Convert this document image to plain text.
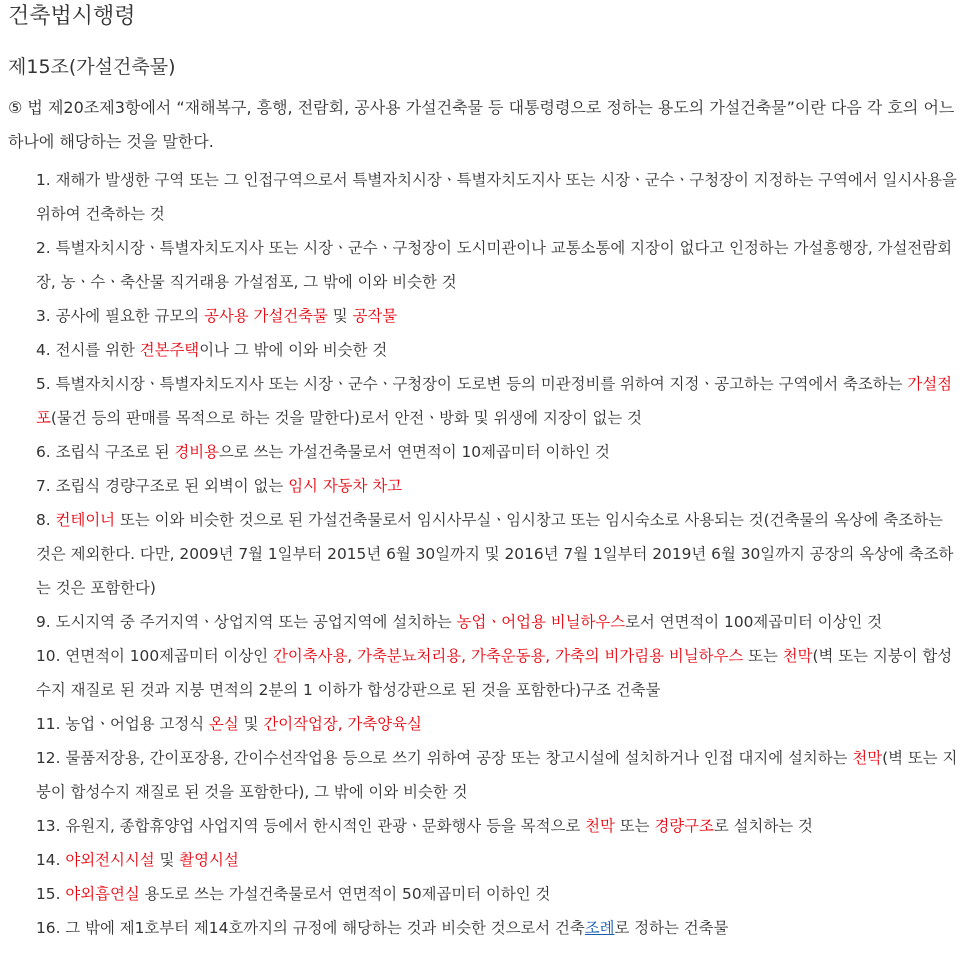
건축법시행령
제15조(가설건축물)

⑤ 법 제20조제3항에서 “재해복구, 흥행, 전람회, 공사용 가설건축물 등 대통령령으로 정하는 용도의 가설건축물”이란 다음 각 호의 어느 하나에 해당하는 것을 말한다.

1. 재해가 발생한 구역 또는 그 인접구역으로서 특별자치시장ㆍ특별자치도지사 또는 시장ㆍ군수ㆍ구청장이 지정하는 구역에서 일시사용을 위하여 건축하는 것
2. 특별자치시장ㆍ특별자치도지사 또는 시장ㆍ군수ㆍ구청장이 도시미관이나 교통소통에 지장이 없다고 인정하는 가설흥행장, 가설전람회장, 농ㆍ수ㆍ축산물 직거래용 가설점포, 그 밖에 이와 비슷한 것
3. 공사에 필요한 규모의 공사용 가설건축물 및 공작물
4. 전시를 위한 견본주택이나 그 밖에 이와 비슷한 것
5. 특별자치시장ㆍ특별자치도지사 또는 시장ㆍ군수ㆍ구청장이 도로변 등의 미관정비를 위하여 지정ㆍ공고하는 구역에서 축조하는 가설점포(물건 등의 판매를 목적으로 하는 것을 말한다)로서 안전ㆍ방화 및 위생에 지장이 없는 것
6. 조립식 구조로 된 경비용으로 쓰는 가설건축물로서 연면적이 10제곱미터 이하인 것
7. 조립식 경량구조로 된 외벽이 없는 임시 자동차 차고
8. 컨테이너 또는 이와 비슷한 것으로 된 가설건축물로서 임시사무실ㆍ임시창고 또는 임시숙소로 사용되는 것(건축물의 옥상에 축조하는 것은 제외한다. 다만, 2009년 7월 1일부터 2015년 6월 30일까지 및 2016년 7월 1일부터 2019년 6월 30일까지 공장의 옥상에 축조하는 것은 포함한다)
9. 도시지역 중 주거지역ㆍ상업지역 또는 공업지역에 설치하는 농업ㆍ어업용 비닐하우스로서 연면적이 100제곱미터 이상인 것
10. 연면적이 100제곱미터 이상인 간이축사용, 가축분뇨처리용, 가축운동용, 가축의 비가림용 비닐하우스 또는 천막(벽 또는 지붕이 합성수지 재질로 된 것과 지붕 면적의 2분의 1 이하가 합성강판으로 된 것을 포함한다)구조 건축물
11. 농업ㆍ어업용 고정식 온실 및 간이작업장, 가축양육실
12. 물품저장용, 간이포장용, 간이수선작업용 등으로 쓰기 위하여 공장 또는 창고시설에 설치하거나 인접 대지에 설치하는 천막(벽 또는 지붕이 합성수지 재질로 된 것을 포함한다), 그 밖에 이와 비슷한 것
13. 유원지, 종합휴양업 사업지역 등에서 한시적인 관광ㆍ문화행사 등을 목적으로 천막 또는 경량구조로 설치하는 것
14. 야외전시시설 및 촬영시설
15. 야외흡연실 용도로 쓰는 가설건축물로서 연면적이 50제곱미터 이하인 것
16. 그 밖에 제1호부터 제14호까지의 규정에 해당하는 것과 비슷한 것으로서 건축조례로 정하는 건축물
